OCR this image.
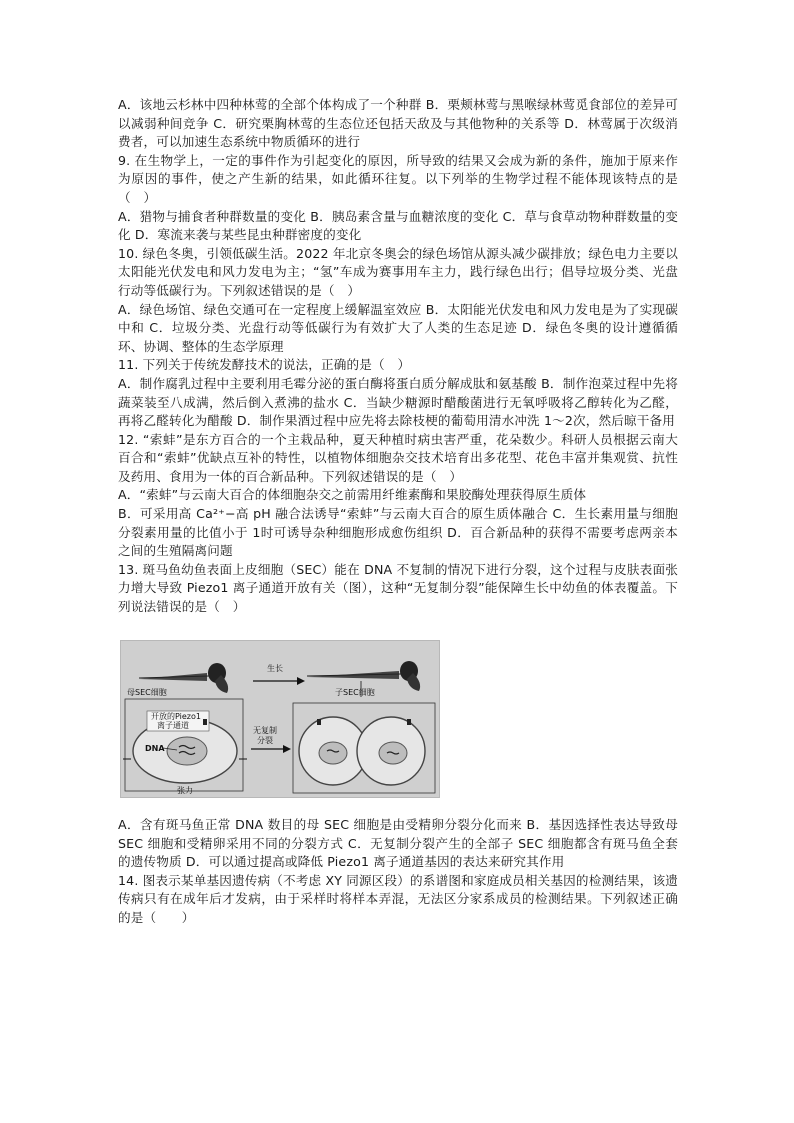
A．该地云杉林中四种林莺的全部个体构成了一个种群 B．栗颊林莺与黑喉绿林莺觅食部位的差异可以减弱种间竞争 C．研究栗胸林莺的生态位还包括天敌及与其他物种的关系等 D．林莺属于次级消费者，可以加速生态系统中物质循环的进行

9. 在生物学上，一定的事件作为引起变化的原因，所导致的结果又会成为新的条件，施加于原来作为原因的事件，使之产生新的结果，如此循环往复。以下列举的生物学过程不能体现该特点的是（　）

A．猎物与捕食者种群数量的变化 B．胰岛素含量与血糖浓度的变化 C．草与食草动物种群数量的变化 D．寒流来袭与某些昆虫种群密度的变化

10. 绿色冬奥，引领低碳生活。2022 年北京冬奥会的绿色场馆从源头减少碳排放；绿色电力主要以太阳能光伏发电和风力发电为主；“氢”车成为赛事用车主力，践行绿色出行；倡导垃圾分类、光盘行动等低碳行为。下列叙述错误的是（　）

A．绿色场馆、绿色交通可在一定程度上缓解温室效应 B．太阳能光伏发电和风力发电是为了实现碳中和 C．垃圾分类、光盘行动等低碳行为有效扩大了人类的生态足迹 D．绿色冬奥的设计遵循循环、协调、整体的生态学原理

11. 下列关于传统发酵技术的说法，正确的是（　）

A．制作腐乳过程中主要利用毛霉分泌的蛋白酶将蛋白质分解成肽和氨基酸 B．制作泡菜过程中先将蔬菜装至八成满，然后倒入煮沸的盐水 C．当缺少糖源时醋酸菌进行无氧呼吸将乙醇转化为乙醛，再将乙醛转化为醋酸 D．制作果酒过程中应先将去除枝梗的葡萄用清水冲洗 1～2次，然后晾干备用

12. “索蚌”是东方百合的一个主栽品种，夏天种植时病虫害严重，花朵数少。科研人员根据云南大百合和“索蚌”优缺点互补的特性，以植物体细胞杂交技术培育出多花型、花色丰富并集观赏、抗性及药用、食用为一体的百合新品种。下列叙述错误的是（　）

A．“索蚌”与云南大百合的体细胞杂交之前需用纤维素酶和果胶酶处理获得原生质体

B．可采用高 Ca²⁺−高 pH 融合法诱导“索蚌”与云南大百合的原生质体融合 C．生长素用量与细胞分裂素用量的比值小于 1时可诱导杂种细胞形成愈伤组织 D．百合新品种的获得不需要考虑两亲本之间的生殖隔离问题

13. 斑马鱼幼鱼表面上皮细胞（SEC）能在 DNA 不复制的情况下进行分裂，这个过程与皮肤表面张力增大导致 Piezo1 离子通道开放有关（图），这种“无复制分裂”能保障生长中幼鱼的体表覆盖。下列说法错误的是（　）

生长
母SEC细胞
DNA
开放的Piezo1
离子通道
张力
子SEC细胞
无复制
分裂

A．含有斑马鱼正常 DNA 数目的母 SEC 细胞是由受精卵分裂分化而来 B．基因选择性表达导致母 SEC 细胞和受精卵采用不同的分裂方式 C．无复制分裂产生的全部子 SEC 细胞都含有斑马鱼全套的遗传物质 D．可以通过提高或降低 Piezo1 离子通道基因的表达来研究其作用

14. 图表示某单基因遗传病（不考虑 XY 同源区段）的系谱图和家庭成员相关基因的检测结果，该遗传病只有在成年后才发病，由于采样时将样本弄混，无法区分家系成员的检测结果。下列叙述正确的是（　　）
